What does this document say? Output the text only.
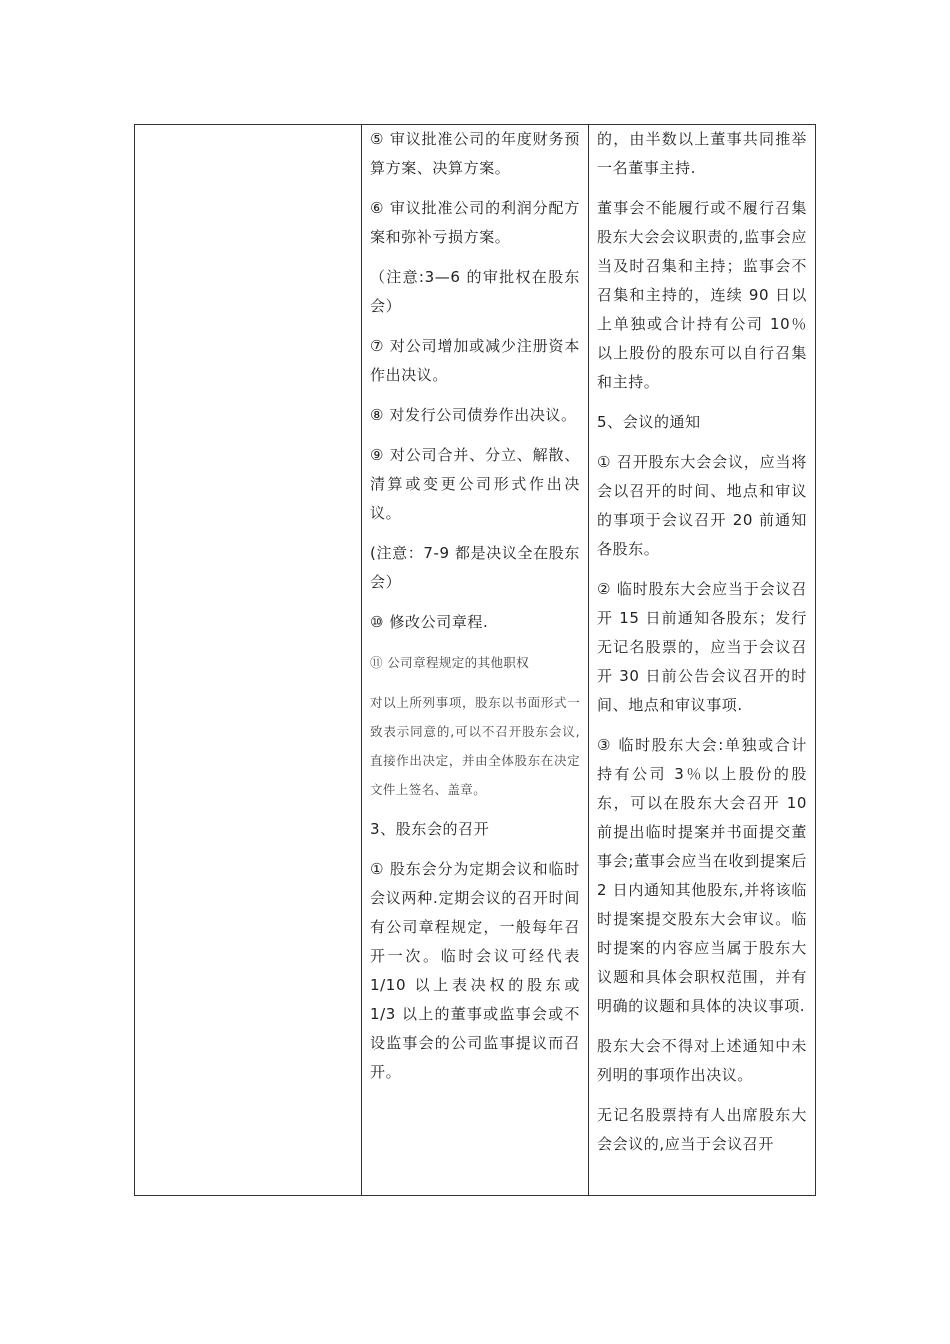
⑤ 审议批准公司的年度财务预算方案、决算方案。

⑥ 审议批准公司的利润分配方案和弥补亏损方案。

（注意:3—6 的审批权在股东会）

⑦ 对公司增加或减少注册资本作出决议。

⑧ 对发行公司债券作出决议。

⑨ 对公司合并、分立、解散、清算或变更公司形式作出决议。

(注意：7-9 都是决议全在股东会）

⑩ 修改公司章程.

⑪ 公司章程规定的其他职权

对以上所列事项，股东以书面形式一致表示同意的,可以不召开股东会议,直接作出决定，并由全体股东在决定文件上签名、盖章。

3、股东会的召开

① 股东会分为定期会议和临时会议两种.定期会议的召开时间有公司章程规定，一般每年召开一次。临时会议可经代表 1/10 以上表决权的股东或 1/3 以上的董事或监事会或不设监事会的公司监事提议而召开。

的，由半数以上董事共同推举一名董事主持.

董事会不能履行或不履行召集股东大会会议职责的,监事会应当及时召集和主持；监事会不召集和主持的，连续 90 日以上单独或合计持有公司 10％以上股份的股东可以自行召集和主持。

5、会议的通知

① 召开股东大会会议，应当将会以召开的时间、地点和审议的事项于会议召开 20 前通知各股东。

② 临时股东大会应当于会议召开 15 日前通知各股东；发行无记名股票的，应当于会议召开 30 日前公告会议召开的时间、地点和审议事项.

③ 临时股东大会:单独或合计持有公司 3％以上股份的股东，可以在股东大会召开 10 前提出临时提案并书面提交董事会;董事会应当在收到提案后 2 日内通知其他股东,并将该临时提案提交股东大会审议。临时提案的内容应当属于股东大议题和具体会职权范围，并有明确的议题和具体的决议事项.

股东大会不得对上述通知中未列明的事项作出决议。

无记名股票持有人出席股东大会会议的,应当于会议召开
